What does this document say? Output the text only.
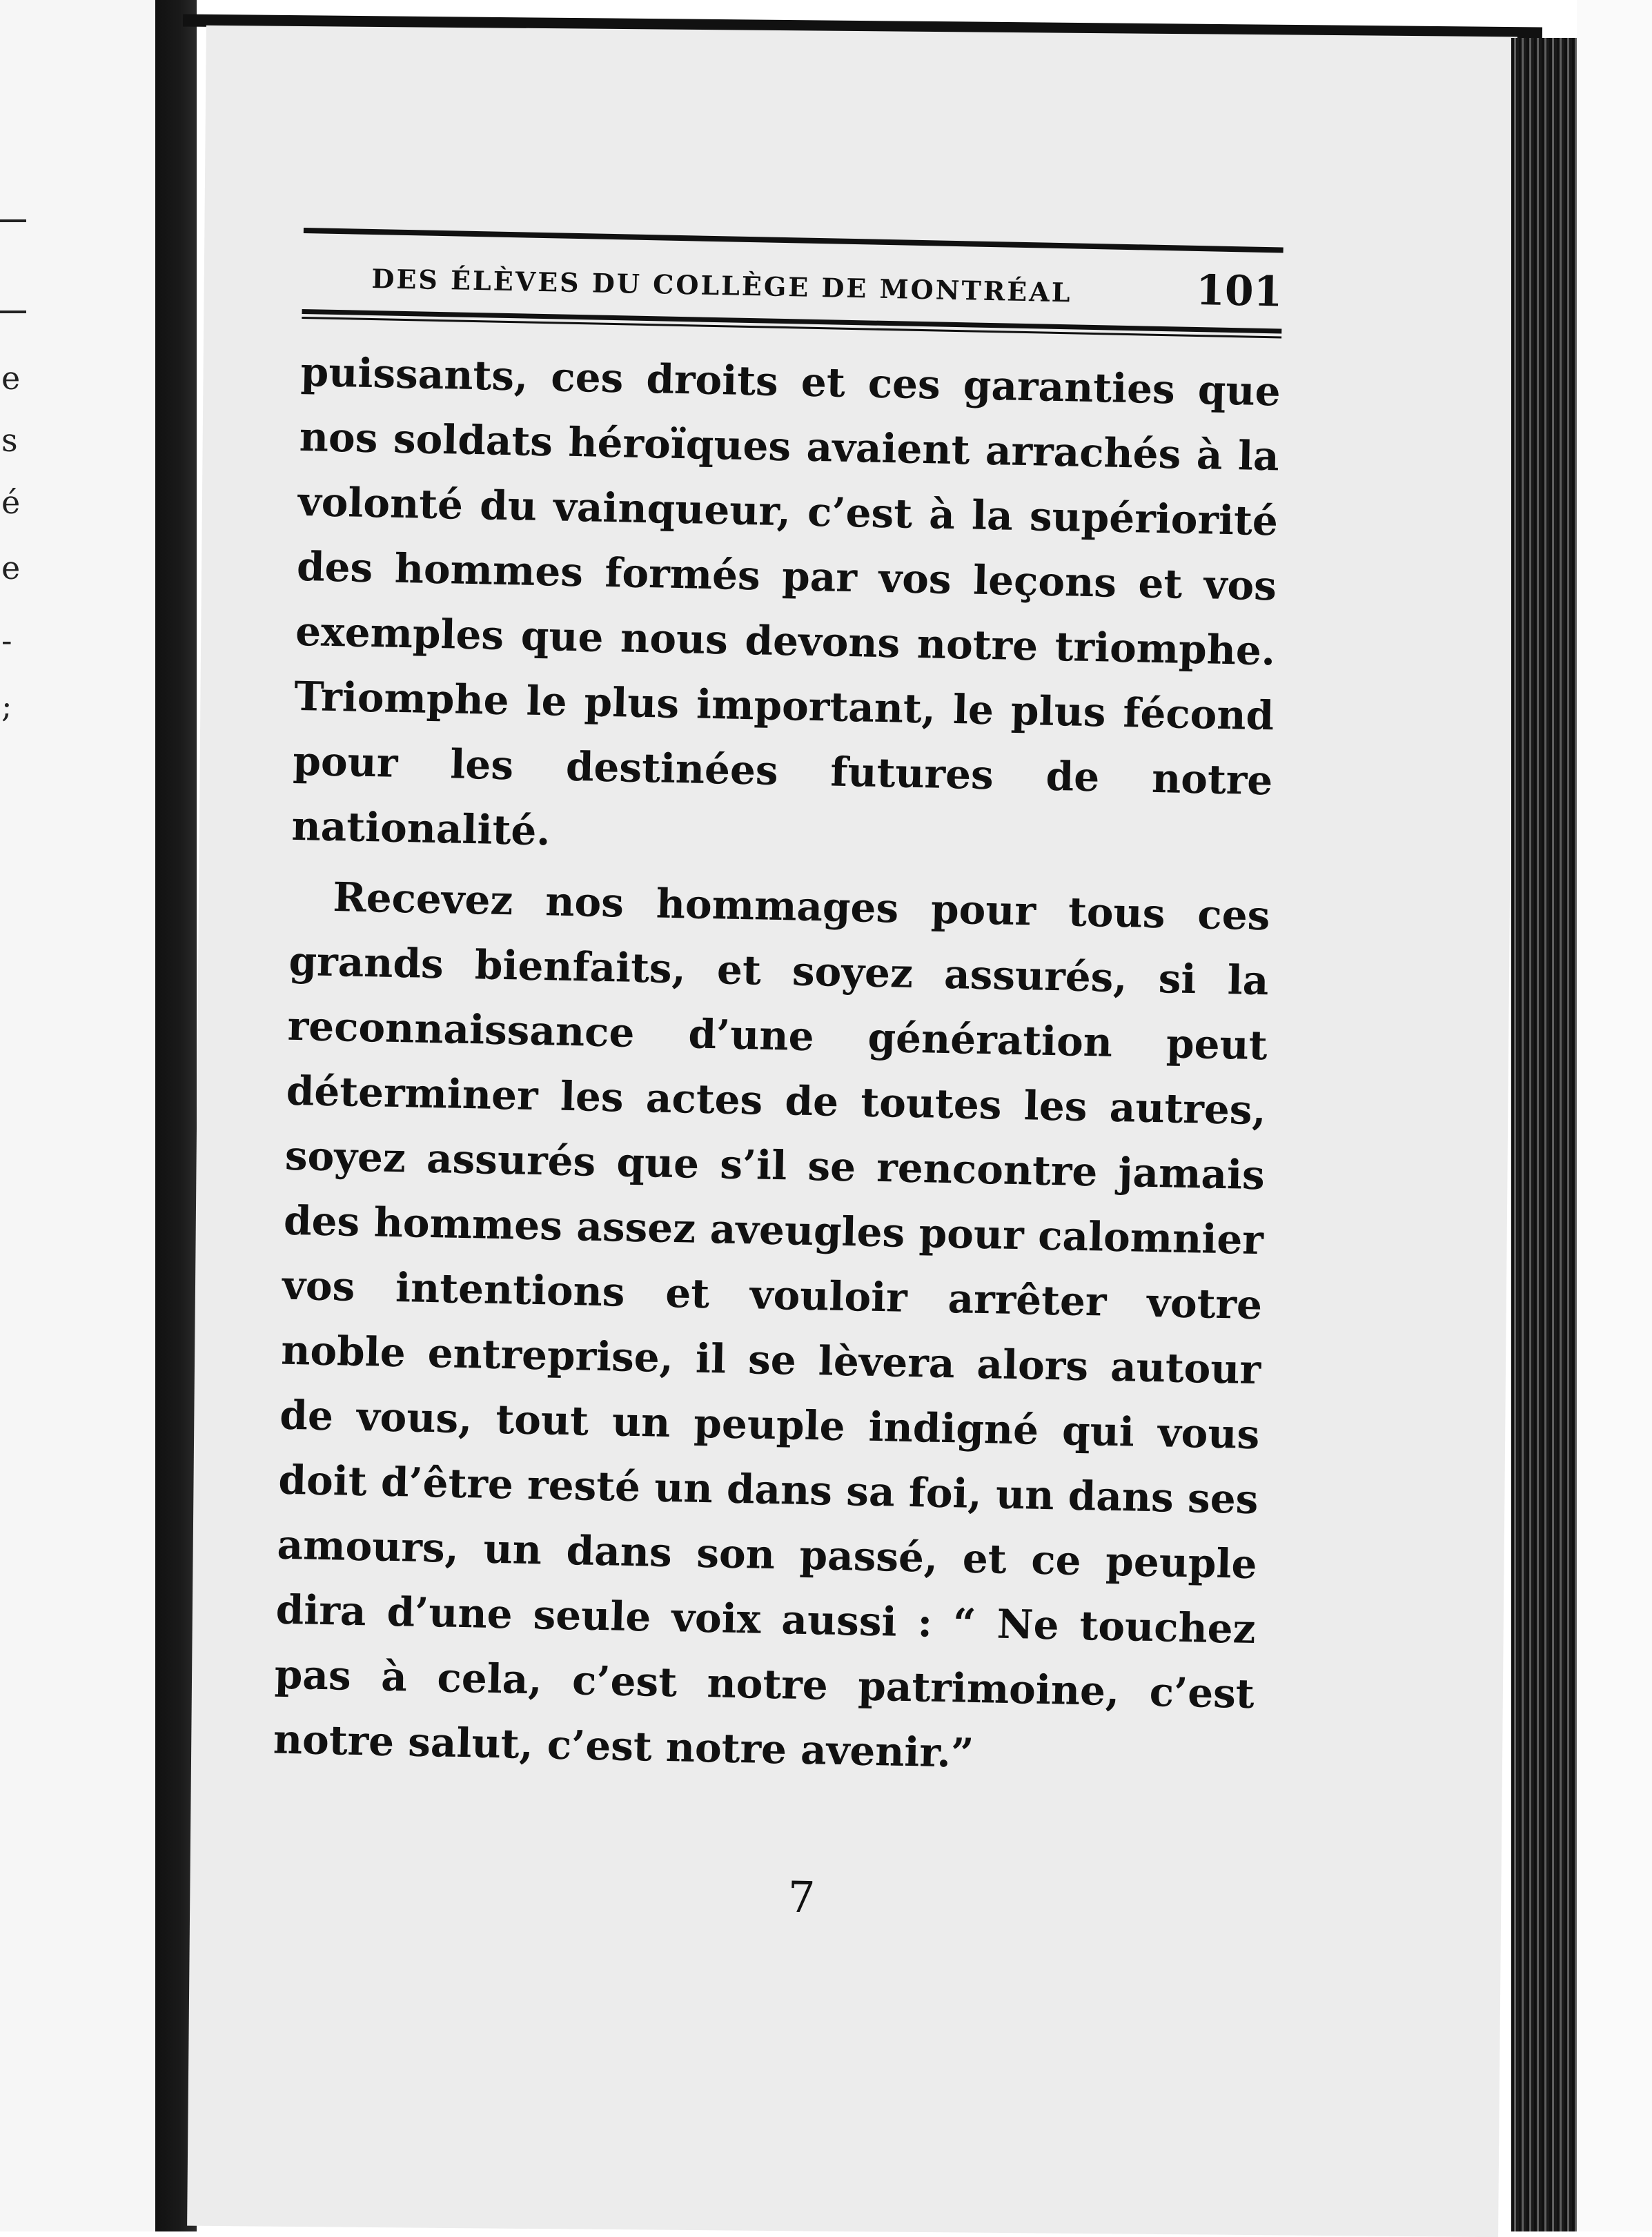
e
s
é
e
-
;
DES ÉLÈVES DU COLLÈGE DE MONTRÉAL	101

puissants, ces droits et ces garanties que nos soldats héroïques avaient arrachés à la volonté du vainqueur, c’est à la supériorité des hommes formés par vos leçons et vos exemples que nous devons notre triomphe. Triomphe le plus important, le plus fécond pour les destinées futures de notre nationalité.

Recevez nos hommages pour tous ces grands bienfaits, et soyez assurés, si la reconnaissance d’une génération peut déterminer les actes de toutes les autres, soyez assurés que s’il se rencontre jamais des hommes assez aveugles pour calomnier vos intentions et vouloir arrêter votre noble entreprise, il se lèvera alors autour de vous, tout un peuple indigné qui vous doit d’être resté un dans sa foi, un dans ses amours, un dans son passé, et ce peuple dira d’une seule voix aussi : “ Ne touchez pas à cela, c’est notre patrimoine, c’est notre salut, c’est notre avenir.”

7
